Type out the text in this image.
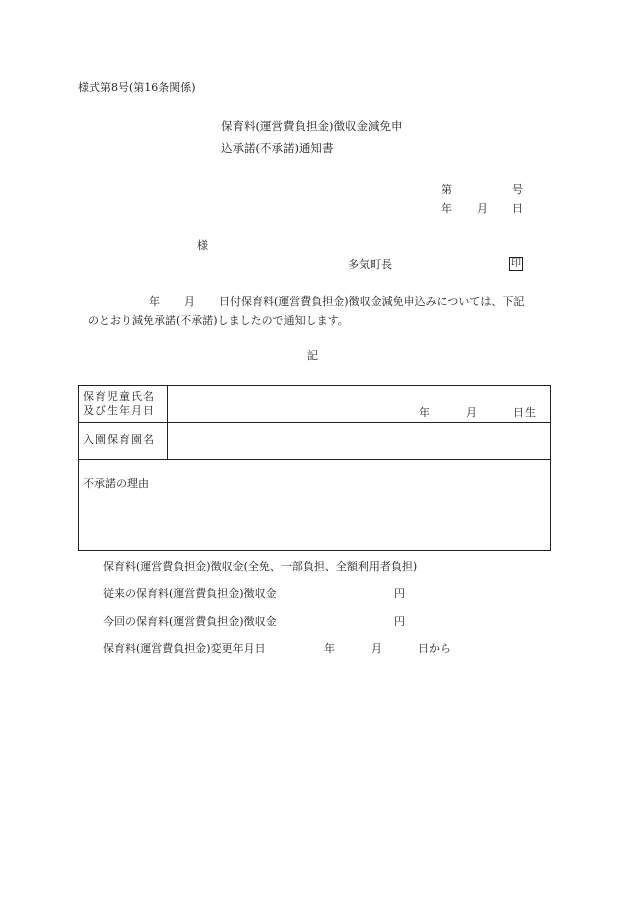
様式第8号(第16条関係)
保育料(運営費負担金)徴収金減免申
込承諾(不承諾)通知書
第	号
年 月 日
様
多気町長	印
年 月 日付保育料(運営費負担金)徴収金減免申込みについては、下記
のとおり減免承諾(不承諾)しましたので通知します。
記
保育児童氏名
及び生年月日	年	月	日生
入園保育園名
不承諾の理由
保育料(運営費負担金)徴収金(全免、一部負担、全額利用者負担)
従来の保育料(運営費負担金)徴収金	円
今回の保育料(運営費負担金)徴収金	円
保育料(運営費負担金)変更年月日	年	月	日から
